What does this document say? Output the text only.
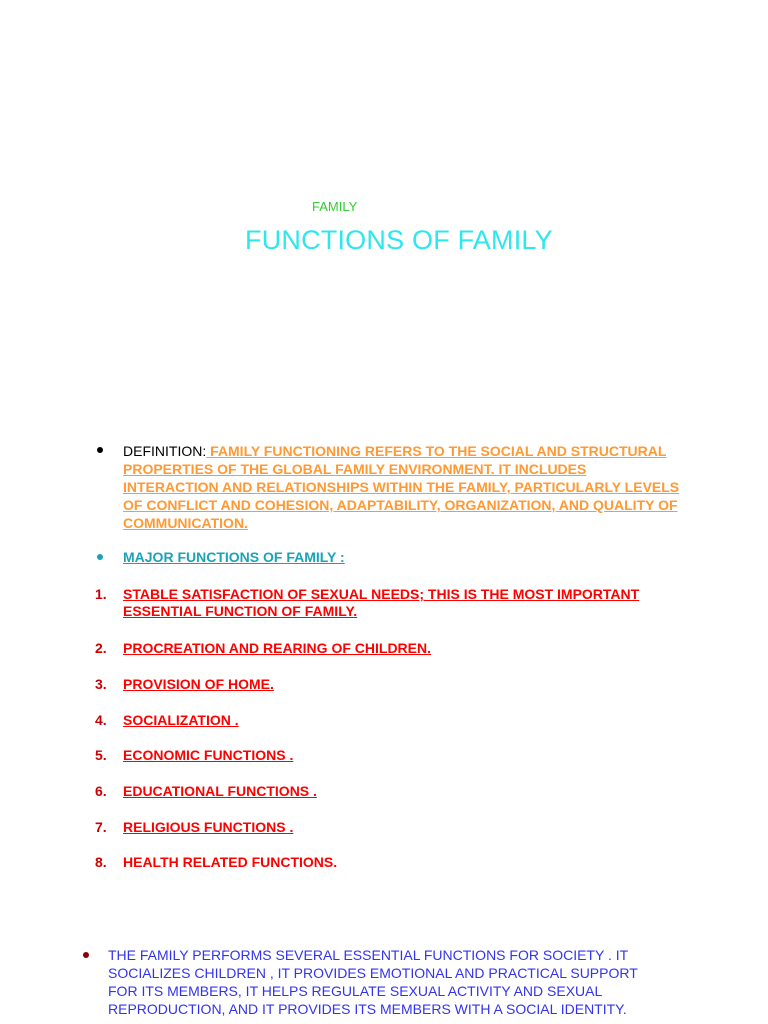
FAMILY

FUNCTIONS OF FAMILY

DEFINITION: FAMILY FUNCTIONING REFERS TO THE SOCIAL AND STRUCTURAL PROPERTIES OF THE GLOBAL FAMILY ENVIRONMENT. IT INCLUDES INTERACTION AND RELATIONSHIPS WITHIN THE FAMILY, PARTICULARLY LEVELS OF CONFLICT AND COHESION, ADAPTABILITY, ORGANIZATION, AND QUALITY OF COMMUNICATION.

MAJOR FUNCTIONS OF FAMILY :

1. STABLE SATISFACTION OF SEXUAL NEEDS; THIS IS THE MOST IMPORTANT ESSENTIAL FUNCTION OF FAMILY.
2. PROCREATION AND REARING OF CHILDREN.
3. PROVISION OF HOME.
4. SOCIALIZATION .
5. ECONOMIC FUNCTIONS .
6. EDUCATIONAL FUNCTIONS .
7. RELIGIOUS FUNCTIONS .
8. HEALTH RELATED FUNCTIONS.

THE FAMILY PERFORMS SEVERAL ESSENTIAL FUNCTIONS FOR SOCIETY . IT SOCIALIZES CHILDREN , IT PROVIDES EMOTIONAL AND PRACTICAL SUPPORT FOR ITS MEMBERS, IT HELPS REGULATE SEXUAL ACTIVITY AND SEXUAL REPRODUCTION, AND IT PROVIDES ITS MEMBERS WITH A SOCIAL IDENTITY.
